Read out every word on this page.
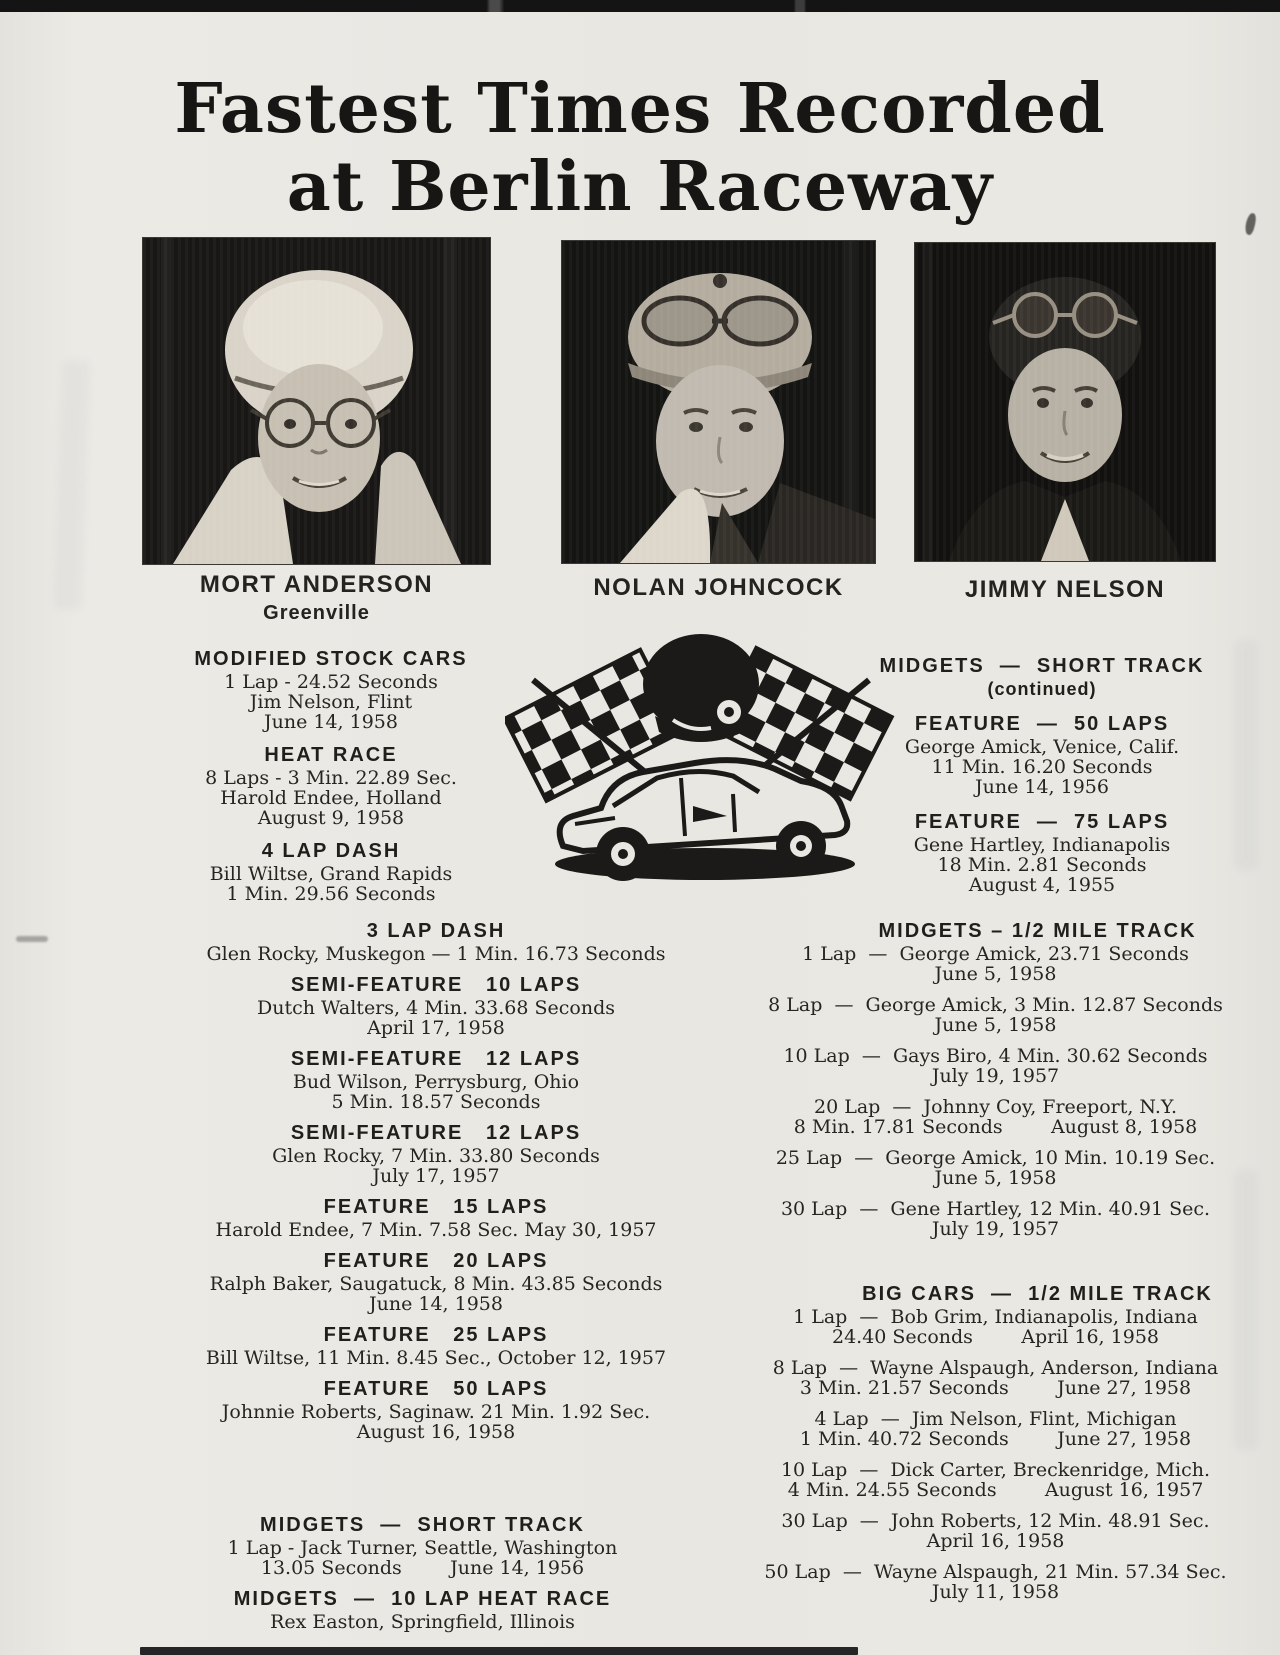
Fastest Times Recorded
at Berlin Raceway
MORT ANDERSON
Greenville
NOLAN JOHNCOCK	JIMMY NELSON
MODIFIED STOCK CARS

1 Lap - 24.52 Seconds

Jim Nelson, Flint

June 14, 1958

HEAT RACE

8 Laps - 3 Min. 22.89 Sec.

Harold Endee, Holland

August 9, 1958

4 LAP DASH

Bill Wiltse, Grand Rapids

1 Min. 29.56 Seconds

3 LAP DASH

Glen Rocky, Muskegon — 1 Min. 16.73 Seconds

SEMI-FEATURE   10 LAPS

Dutch Walters, 4 Min. 33.68 Seconds

April 17, 1958

SEMI-FEATURE   12 LAPS

Bud Wilson, Perrysburg, Ohio

5 Min. 18.57 Seconds

SEMI-FEATURE   12 LAPS

Glen Rocky, 7 Min. 33.80 Seconds

July 17, 1957

FEATURE   15 LAPS

Harold Endee, 7 Min. 7.58 Sec. May 30, 1957

FEATURE   20 LAPS

Ralph Baker, Saugatuck, 8 Min. 43.85 Seconds

June 14, 1958

FEATURE   25 LAPS

Bill Wiltse, 11 Min. 8.45 Sec., October 12, 1957

FEATURE   50 LAPS

Johnnie Roberts, Saginaw. 21 Min. 1.92 Sec.

August 16, 1958

MIDGETS  —  SHORT TRACK

1 Lap - Jack Turner, Seattle, Washington

13.05 Seconds        June 14, 1956

MIDGETS  —  10 LAP HEAT RACE

Rex Easton, Springfield, Illinois

MIDGETS  —  SHORT TRACK

(continued)

FEATURE  —  50 LAPS

George Amick, Venice, Calif.

11 Min. 16.20 Seconds

June 14, 1956

FEATURE  —  75 LAPS

Gene Hartley, Indianapolis

18 Min. 2.81 Seconds

August 4, 1955

MIDGETS – 1/2 MILE TRACK

1 Lap  —  George Amick, 23.71 Seconds

June 5, 1958

8 Lap  —  George Amick, 3 Min. 12.87 Seconds

June 5, 1958

10 Lap  —  Gays Biro, 4 Min. 30.62 Seconds

July 19, 1957

20 Lap  —  Johnny Coy, Freeport, N.Y.

8 Min. 17.81 Seconds        August 8, 1958

25 Lap  —  George Amick, 10 Min. 10.19 Sec.

June 5, 1958

30 Lap  —  Gene Hartley, 12 Min. 40.91 Sec.

July 19, 1957

BIG CARS  —  1/2 MILE TRACK

1 Lap  —  Bob Grim, Indianapolis, Indiana

24.40 Seconds        April 16, 1958

8 Lap  —  Wayne Alspaugh, Anderson, Indiana

3 Min. 21.57 Seconds        June 27, 1958

4 Lap  —  Jim Nelson, Flint, Michigan

1 Min. 40.72 Seconds        June 27, 1958

10 Lap  —  Dick Carter, Breckenridge, Mich.

4 Min. 24.55 Seconds        August 16, 1957

30 Lap  —  John Roberts, 12 Min. 48.91 Sec.

April 16, 1958

50 Lap  —  Wayne Alspaugh, 21 Min. 57.34 Sec.

July 11, 1958
